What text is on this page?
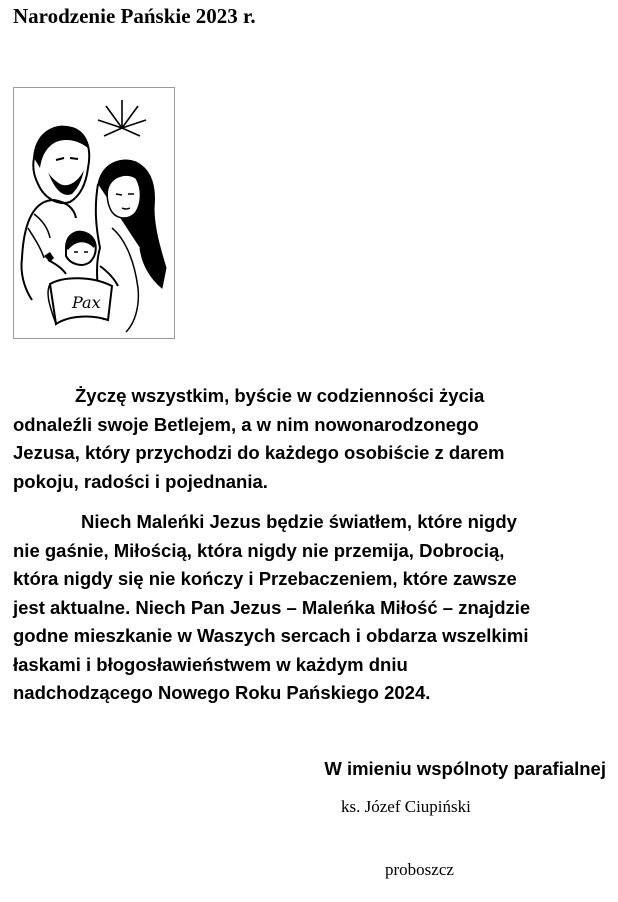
Narodzenie Pańskie 2023 r.
Pax
Życzę wszystkim, byście w codzienności życia
odnaleźli swoje Betlejem, a w nim nowonarodzonego
Jezusa, który przychodzi do każdego osobiście z darem
pokoju, radości i pojednania.
Niech Maleńki Jezus będzie światłem, które nigdy
nie gaśnie, Miłością, która nigdy nie przemija, Dobrocią,
która nigdy się nie kończy i Przebaczeniem, które zawsze
jest aktualne. Niech Pan Jezus – Maleńka Miłość – znajdzie
godne mieszkanie w Waszych sercach i obdarza wszelkimi
łaskami i błogosławieństwem w każdym dniu
nadchodzącego Nowego Roku Pańskiego 2024.
W imieniu wspólnoty parafialnej
ks. Józef Ciupiński
proboszcz
